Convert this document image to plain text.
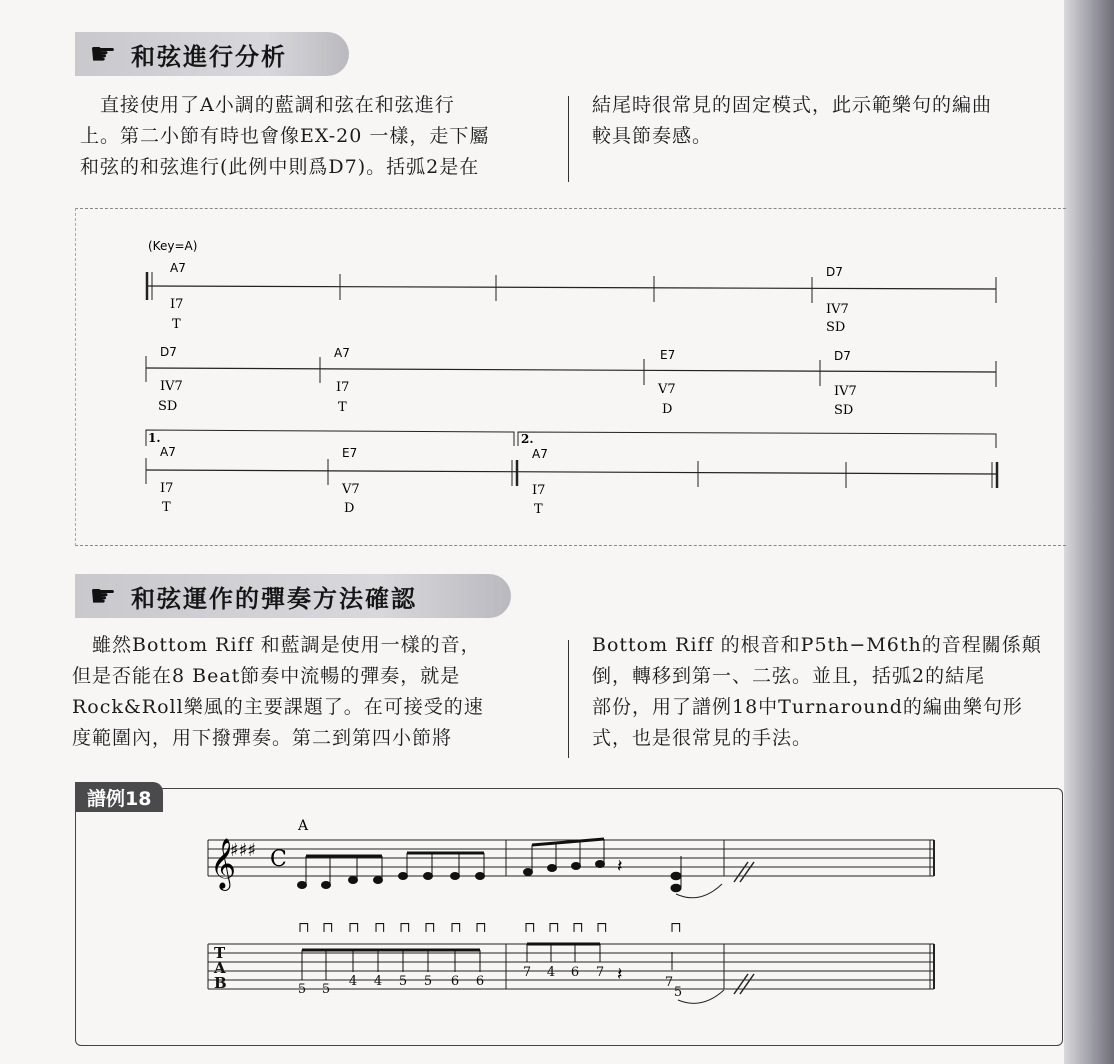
☛ 和弦進行分析

　直接使用了A小調的藍調和弦在和弦進行

上。第二小節有時也會像EX-20 一樣，走下屬

和弦的和弦進行(此例中則爲D7)。括弧2是在

結尾時很常見的固定模式，此示範樂句的編曲

較具節奏感。

(Key=A)
A7
I7
T
D7
IV7
SD
D7
IV7
SD
A7
I7
T
E7
V7
D
D7
IV7
SD
1.	2.
A7
I7
T
E7
V7
D
A7
I7
T
☛ 和弦運作的彈奏方法確認

　雖然Bottom Riff 和藍調是使用一樣的音，

但是否能在8 Beat節奏中流暢的彈奏，就是

Rock&Roll樂風的主要課題了。在可接受的速

度範圍內，用下撥彈奏。第二到第四小節將

Bottom Riff 的根音和P5th−M6th的音程關係顛

倒，轉移到第一、二弦。並且，括弧2的結尾

部份，用了譜例18中Turnaround的編曲樂句形

式，也是很常見的手法。

譜例18
𝄞
♯♯♯ C
A
𝄽
⊓ ⊓ ⊓ ⊓ ⊓ ⊓ ⊓ ⊓	⊓ ⊓ ⊓ ⊓	⊓
T
A
B	5 5
4 4 5 5 6 6
7 4 6 7
7
5
𝄽
